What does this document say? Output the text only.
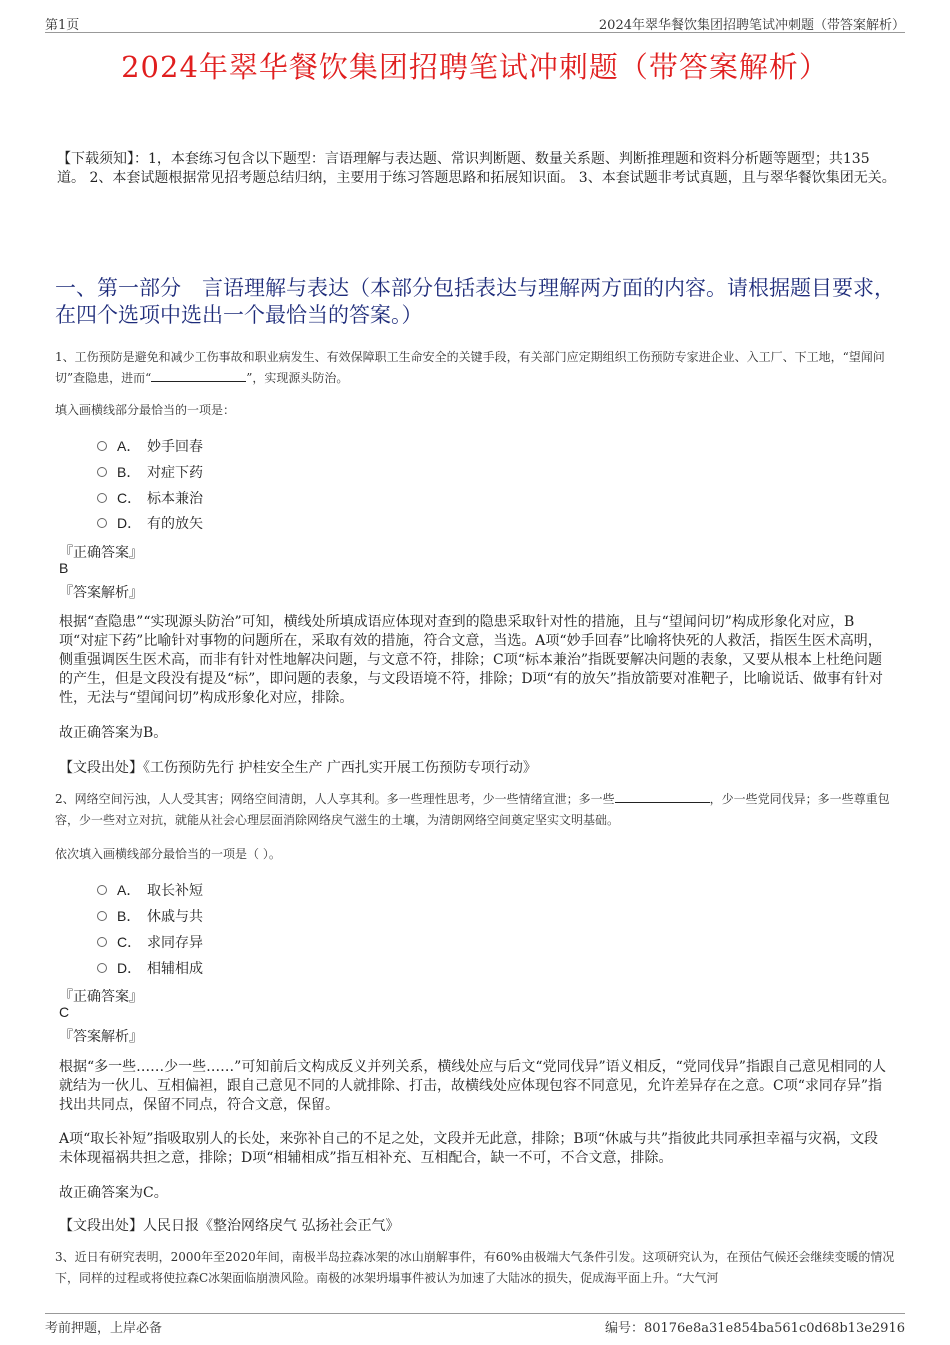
第1页	2024年翠华餐饮集团招聘笔试冲刺题（带答案解析）
2024年翠华餐饮集团招聘笔试冲刺题（带答案解析）
【下载须知】：1，本套练习包含以下题型：言语理解与表达题、常识判断题、数量关系题、判断推理题和资料分析题等题型；共135道。 2、本套试题根据常见招考题总结归纳，主要用于练习答题思路和拓展知识面。 3、本套试题非考试真题，且与翠华餐饮集团无关。
一、第一部分　言语理解与表达（本部分包括表达与理解两方面的内容。请根据题目要求，在四个选项中选出一个最恰当的答案。）
1、工伤预防是避免和减少工伤事故和职业病发生、有效保障职工生命安全的关键手段，有关部门应定期组织工伤预防专家进企业、入工厂、下工地，“望闻问切”查隐患，进而“	”，实现源头防治。
填入画横线部分最恰当的一项是：
A． 妙手回春
B． 对症下药
C． 标本兼治
D． 有的放矢
『正确答案』
B
『答案解析』
根据“查隐患”“实现源头防治”可知，横线处所填成语应体现对查到的隐患采取针对性的措施，且与“望闻问切”构成形象化对应，B项“对症下药”比喻针对事物的问题所在，采取有效的措施，符合文意，当选。A项“妙手回春”比喻将快死的人救活，指医生医术高明，侧重强调医生医术高，而非有针对性地解决问题，与文意不符，排除；C项“标本兼治”指既要解决问题的表象，又要从根本上杜绝问题的产生，但是文段没有提及“标”，即问题的表象，与文段语境不符，排除；D项“有的放矢”指放箭要对准靶子，比喻说话、做事有针对性，无法与“望闻问切”构成形象化对应，排除。
故正确答案为B。
【文段出处】《工伤预防先行 护桂安全生产 广西扎实开展工伤预防专项行动》
2、网络空间污浊，人人受其害；网络空间清朗，人人享其利。多一些理性思考，少一些情绪宣泄；多一些	，少一些党同伐异；多一些尊重包容，少一些对立对抗，就能从社会心理层面消除网络戾气滋生的土壤，为清朗网络空间奠定坚实文明基础。
依次填入画横线部分最恰当的一项是（ ）。
A． 取长补短
B． 休戚与共
C． 求同存异
D． 相辅相成
『正确答案』
C
『答案解析』
根据“多一些……少一些……”可知前后文构成反义并列关系，横线处应与后文“党同伐异”语义相反，“党同伐异”指跟自己意见相同的人就结为一伙儿、互相偏袒，跟自己意见不同的人就排除、打击，故横线处应体现包容不同意见，允许差异存在之意。C项“求同存异”指找出共同点，保留不同点，符合文意，保留。
A项“取长补短”指吸取别人的长处，来弥补自己的不足之处，文段并无此意，排除；B项“休戚与共”指彼此共同承担幸福与灾祸，文段未体现福祸共担之意，排除；D项“相辅相成”指互相补充、互相配合，缺一不可，不合文意，排除。
故正确答案为C。
【文段出处】人民日报《整治网络戾气 弘扬社会正气》
3、近日有研究表明，2000年至2020年间，南极半岛拉森冰架的冰山崩解事件，有60%由极端大气条件引发。这项研究认为，在预估气候还会继续变暖的情况下，同样的过程或将使拉森C冰架面临崩溃风险。南极的冰架坍塌事件被认为加速了大陆冰的损失，促成海平面上升。“大气河
考前押题，上岸必备	编号：80176e8a31e854ba561c0d68b13e2916
